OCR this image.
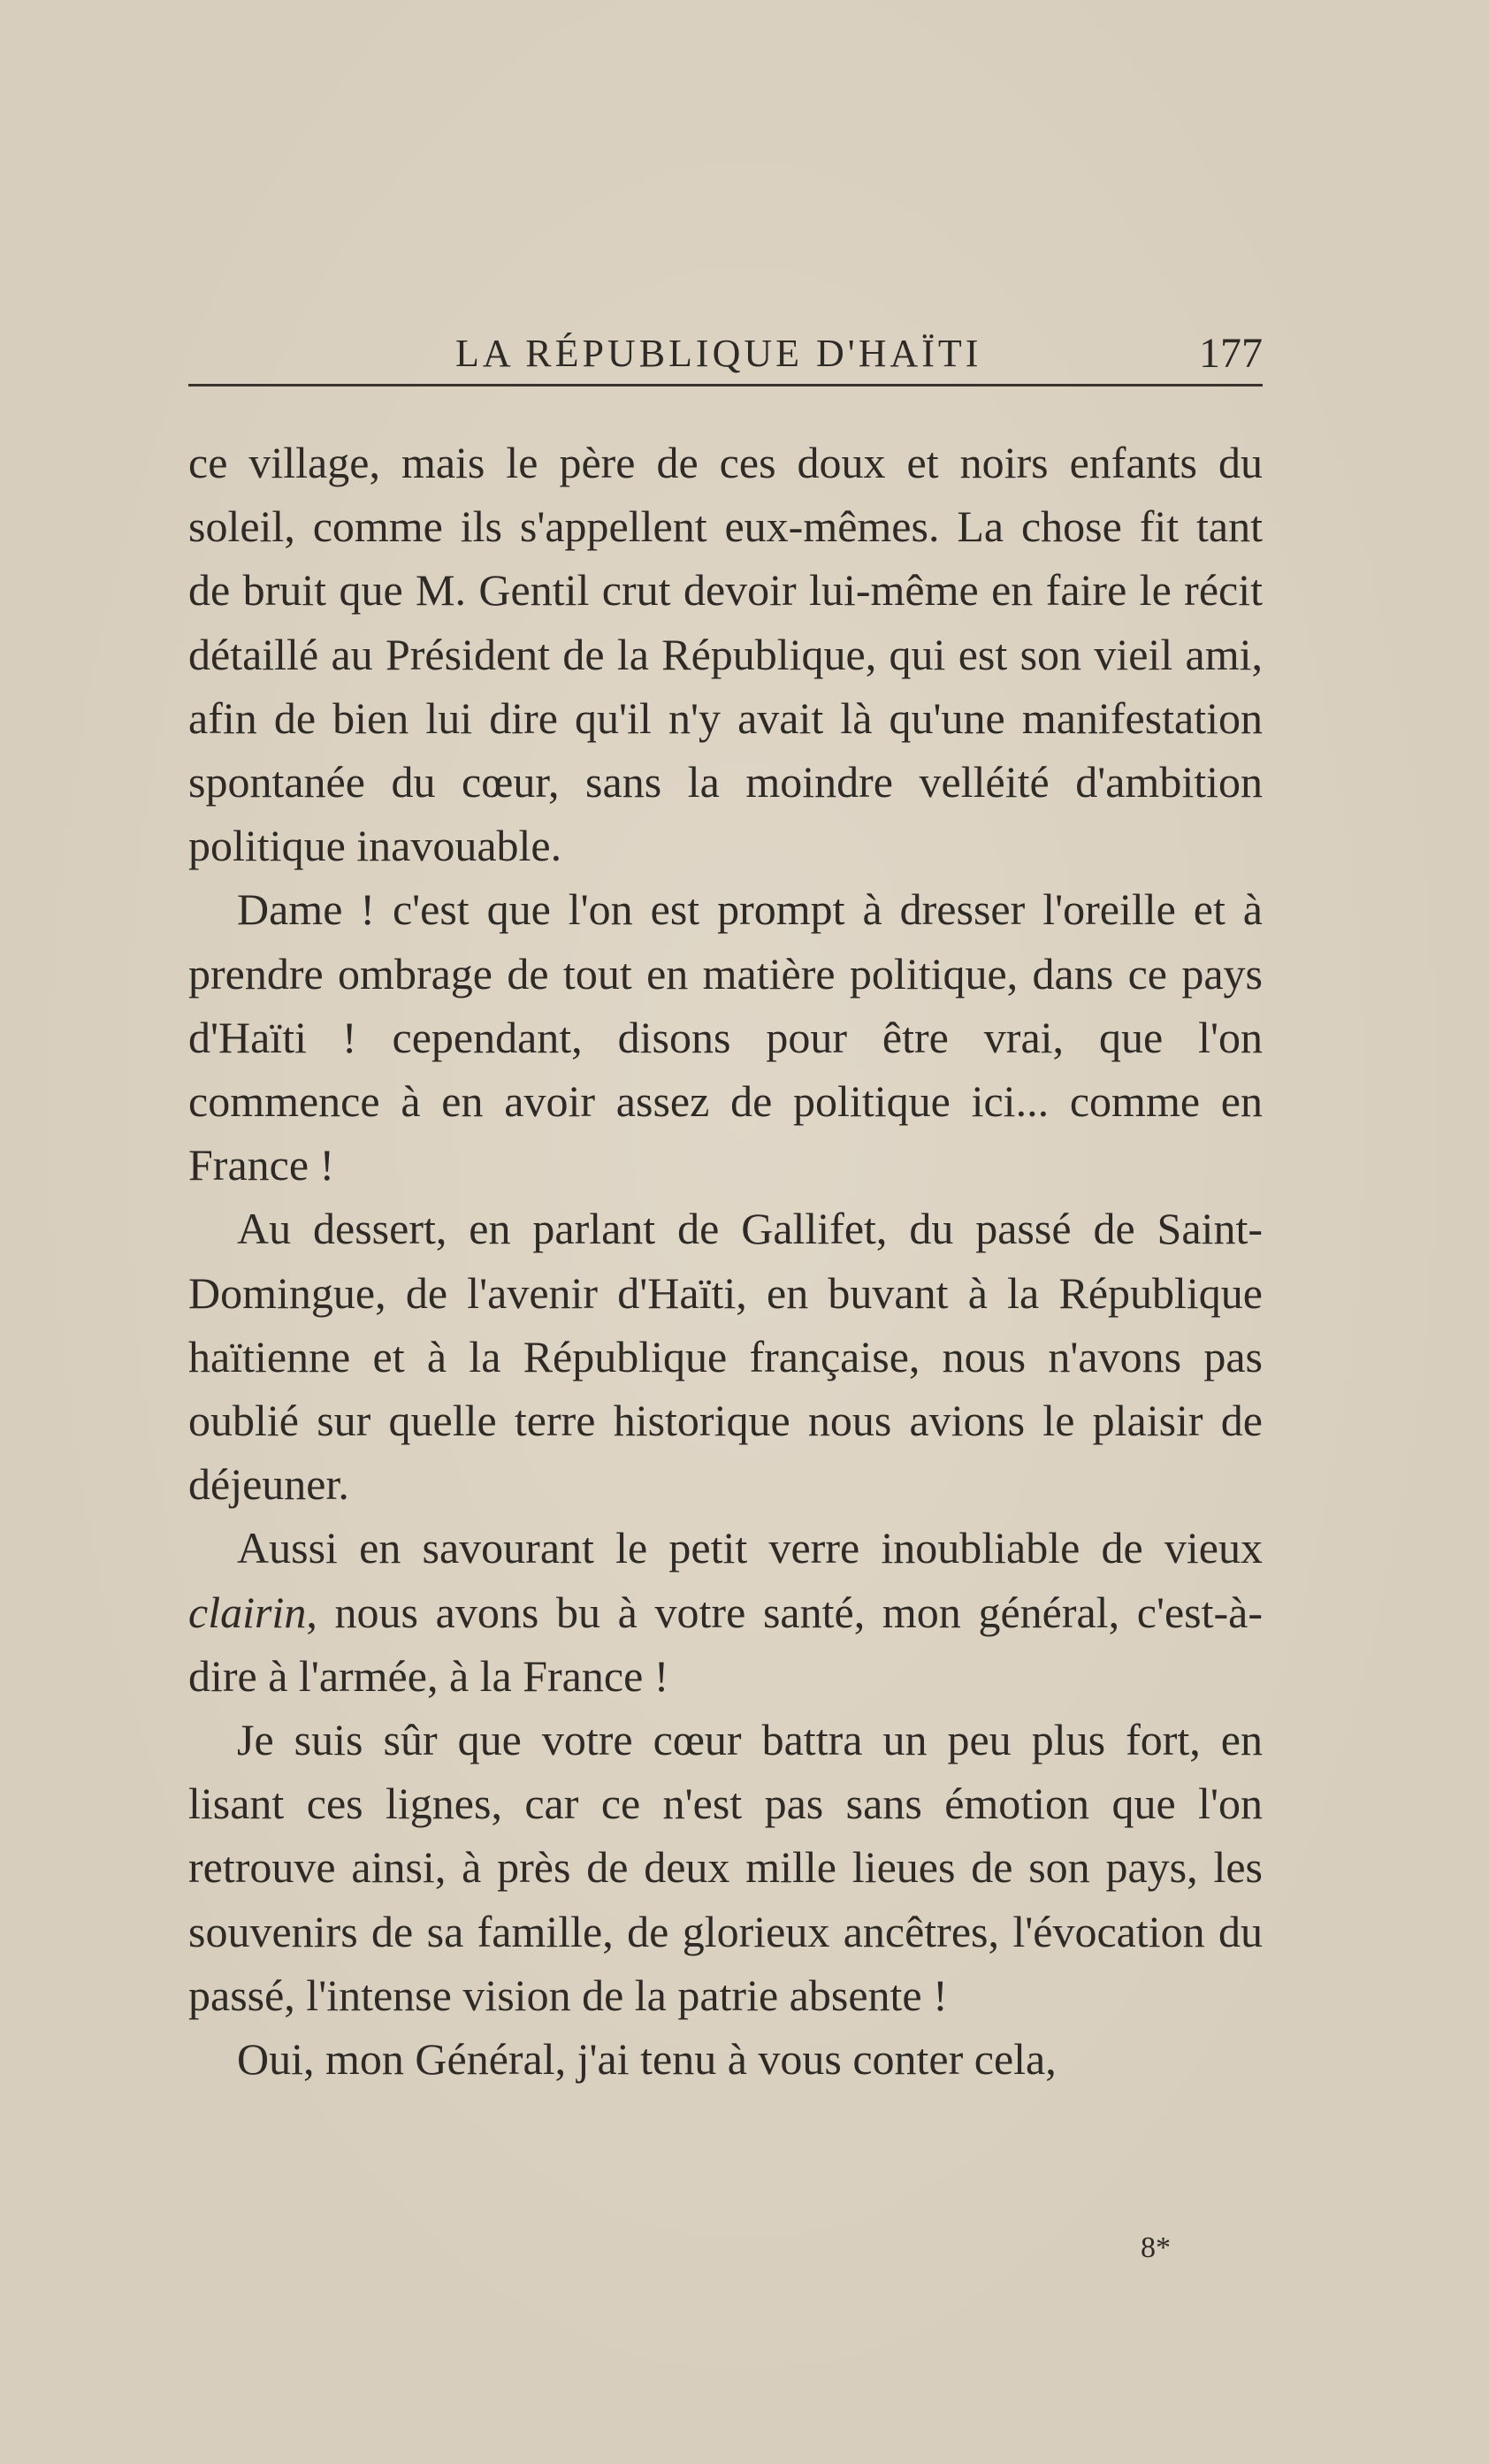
LA RÉPUBLIQUE D'HAÏTI	177

ce village, mais le père de ces doux et noirs enfants du soleil, comme ils s'appellent eux-mêmes. La chose fit tant de bruit que M. Gentil crut devoir lui-même en faire le récit détaillé au Président de la République, qui est son vieil ami, afin de bien lui dire qu'il n'y avait là qu'une manifestation spontanée du cœur, sans la moindre velléité d'ambition politique inavouable.

Dame ! c'est que l'on est prompt à dresser l'oreille et à prendre ombrage de tout en matière politique, dans ce pays d'Haïti ! cependant, disons pour être vrai, que l'on commence à en avoir assez de politique ici... comme en France !

Au dessert, en parlant de Gallifet, du passé de Saint-Domingue, de l'avenir d'Haïti, en buvant à la République haïtienne et à la République française, nous n'avons pas oublié sur quelle terre historique nous avions le plaisir de déjeuner.

Aussi en savourant le petit verre inoubliable de vieux clairin, nous avons bu à votre santé, mon général, c'est-à-dire à l'armée, à la France !

Je suis sûr que votre cœur battra un peu plus fort, en lisant ces lignes, car ce n'est pas sans émotion que l'on retrouve ainsi, à près de deux mille lieues de son pays, les souvenirs de sa famille, de glorieux ancêtres, l'évocation du passé, l'intense vision de la patrie absente !

Oui, mon Général, j'ai tenu à vous conter cela,

8*
